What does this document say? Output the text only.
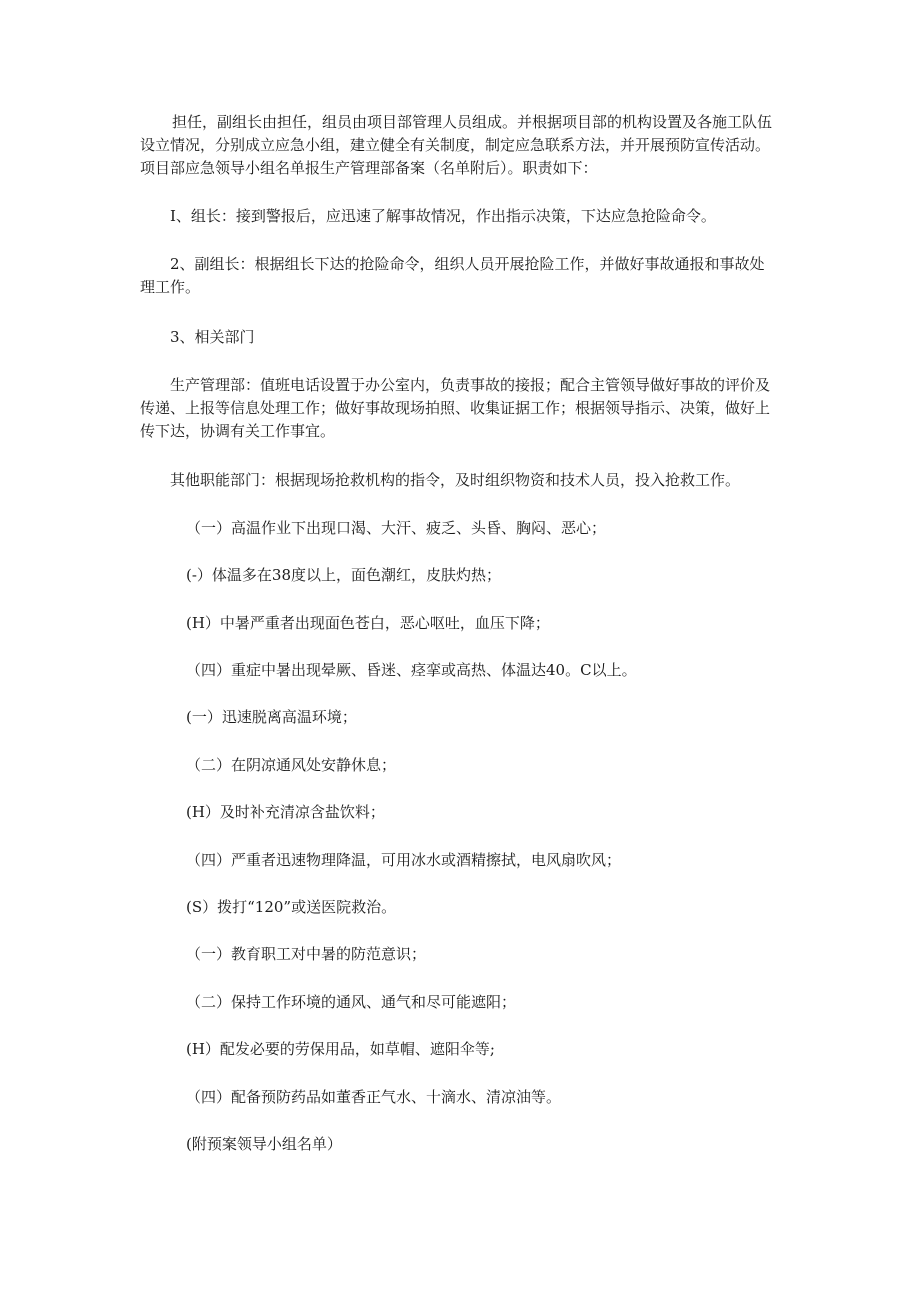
担任，副组长由担任，组员由项目部管理人员组成。并根据项目部的机构设置及各施工队伍
设立情况，分别成立应急小组，建立健全有关制度，制定应急联系方法，并开展预防宣传活动。
项目部应急领导小组名单报生产管理部备案（名单附后）。职责如下：
I、组长：接到警报后，应迅速了解事故情况，作出指示决策，下达应急抢险命令。
2、副组长：根据组长下达的抢险命令，组织人员开展抢险工作，并做好事故通报和事故处
理工作。
3、相关部门
生产管理部：值班电话设置于办公室内，负责事故的接报；配合主管领导做好事故的评价及
传递、上报等信息处理工作；做好事故现场拍照、收集证据工作；根据领导指示、决策，做好上
传下达，协调有关工作事宜。
其他职能部门：根据现场抢救机构的指令，及时组织物资和技术人员，投入抢救工作。
（一）高温作业下出现口渴、大汗、疲乏、头昏、胸闷、恶心；
(-）体温多在38度以上，面色潮红，皮肤灼热；
(H）中暑严重者出现面色苍白，恶心呕吐，血压下降；
（四）重症中暑出现晕厥、昏迷、痉挛或高热、体温达40。C以上。
(一）迅速脱离高温环境；
（二）在阴凉通风处安静休息；
(H）及时补充清凉含盐饮料；
（四）严重者迅速物理降温，可用冰水或酒精擦拭，电风扇吹风；
(S）拨打“120”或送医院救治。
（一）教育职工对中暑的防范意识；
（二）保持工作环境的通风、通气和尽可能遮阳；
(H）配发必要的劳保用品，如草帽、遮阳伞等;
（四）配备预防药品如董香正气水、十滴水、清凉油等。
(附预案领导小组名单）
